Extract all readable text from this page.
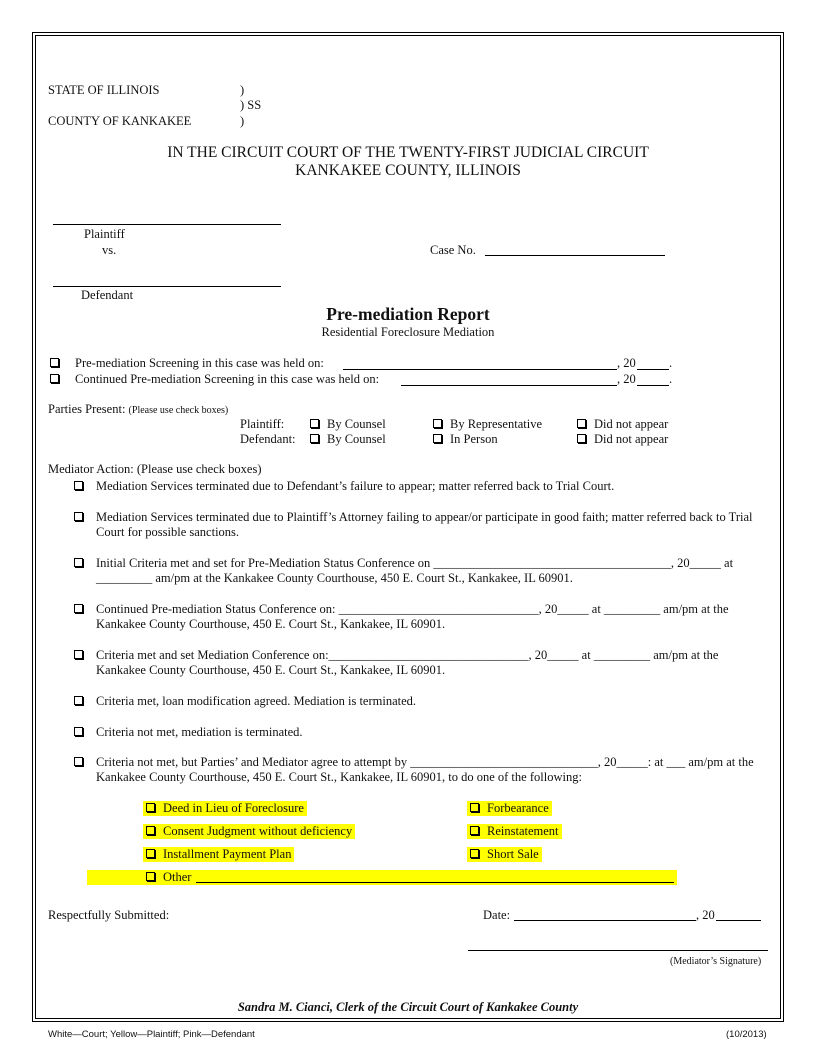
STATE OF ILLINOIS	)
) SS
)
COUNTY OF KANKAKEE
IN THE CIRCUIT COURT OF THE TWENTY-FIRST JUDICIAL CIRCUIT
KANKAKEE COUNTY, ILLINOIS
Plaintiff
vs.	Case No.
Defendant
Pre-mediation Report
Residential Foreclosure Mediation
Pre-mediation Screening in this case was held on:	, 20	.
Continued Pre-mediation Screening in this case was held on:	, 20	.
Parties Present: (Please use check boxes)
Plaintiff:	By Counsel	By Representative	Did not appear
Defendant:	By Counsel	In Person	Did not appear
Mediator Action: (Please use check boxes)
Mediation Services terminated due to Defendant’s failure to appear; matter referred back to Trial Court.
Mediation Services terminated due to Plaintiff’s Attorney failing to appear/or participate in good faith; matter referred back to Trial Court for possible sanctions.
Initial Criteria met and set for Pre-Mediation Status Conference on ______________________________________, 20_____ at _________ am/pm at the Kankakee County Courthouse, 450 E. Court St., Kankakee, IL 60901.
Continued Pre-mediation Status Conference on: ________________________________, 20_____ at _________ am/pm at the Kankakee County Courthouse, 450 E. Court St., Kankakee, IL 60901.
Criteria met and set Mediation Conference on:________________________________, 20_____ at _________ am/pm at the Kankakee County Courthouse, 450 E. Court St., Kankakee, IL 60901.
Criteria met, loan modification agreed. Mediation is terminated.
Criteria not met, mediation is terminated.
Criteria not met, but Parties’ and Mediator agree to attempt by ______________________________, 20_____: at ___ am/pm at the Kankakee County Courthouse, 450 E. Court St., Kankakee, IL 60901, to do one of the following:
Deed in Lieu of Foreclosure
Consent Judgment without deficiency
Installment Payment Plan
Forbearance
Reinstatement
Short Sale
Other
Respectfully Submitted:	Date:	, 20
(Mediator’s Signature)
Sandra M. Cianci, Clerk of the Circuit Court of Kankakee County
White—Court; Yellow—Plaintiff; Pink—Defendant	(10/2013)
